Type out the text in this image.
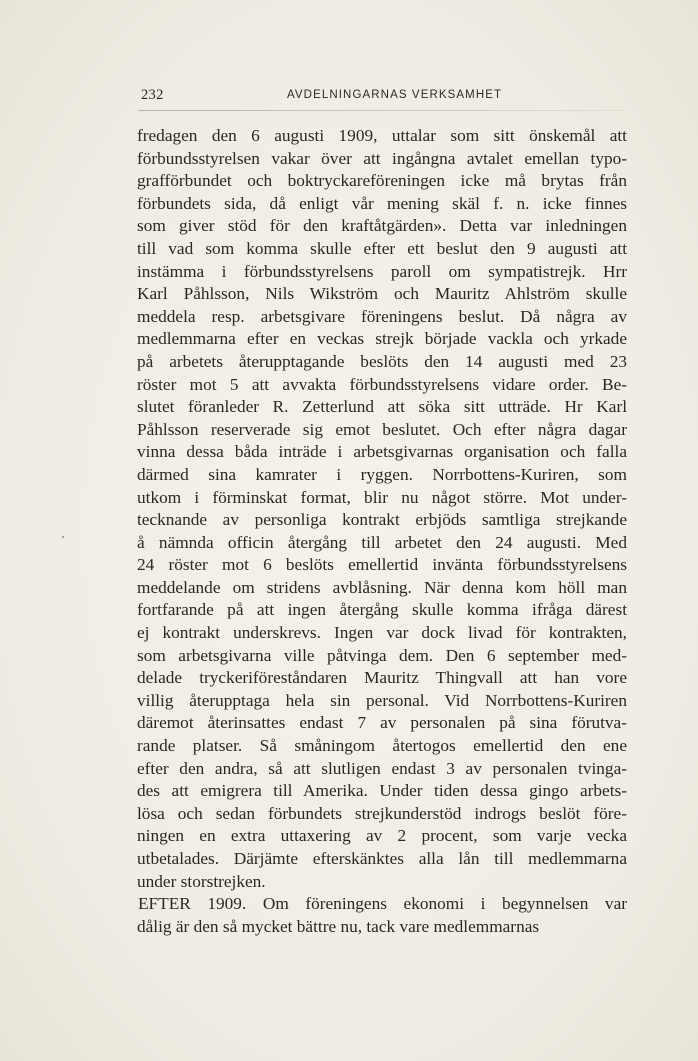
232	AVDELNINGARNAS VERKSAMHET
fredagen den 6 augusti 1909, uttalar som sitt önskemål att
förbundsstyrelsen vakar över att ingångna avtalet emellan typo-
grafförbundet och boktryckareföreningen icke må brytas från
förbundets sida, då enligt vår mening skäl f. n. icke finnes
som giver stöd för den kraftåtgärden». Detta var inledningen
till vad som komma skulle efter ett beslut den 9 augusti att
instämma i förbundsstyrelsens paroll om sympatistrejk. Hrr
Karl Påhlsson, Nils Wikström och Mauritz Ahlström skulle
meddela resp. arbetsgivare föreningens beslut. Då några av
medlemmarna efter en veckas strejk började vackla och yrkade
på arbetets återupptagande beslöts den 14 augusti med 23
röster mot 5 att avvakta förbundsstyrelsens vidare order. Be-
slutet föranleder R. Zetterlund att söka sitt utträde. Hr Karl
Påhlsson reserverade sig emot beslutet. Och efter några dagar
vinna dessa båda inträde i arbetsgivarnas organisation och falla
därmed sina kamrater i ryggen. Norrbottens-Kuriren, som
utkom i förminskat format, blir nu något större. Mot under-
tecknande av personliga kontrakt erbjöds samtliga strejkande
å nämnda officin återgång till arbetet den 24 augusti. Med
24 röster mot 6 beslöts emellertid invänta förbundsstyrelsens
meddelande om stridens avblåsning. När denna kom höll man
fortfarande på att ingen återgång skulle komma ifråga därest
ej kontrakt underskrevs. Ingen var dock livad för kontrakten,
som arbetsgivarna ville påtvinga dem. Den 6 september med-
delade tryckeriföreståndaren Mauritz Thingvall att han vore
villig återupptaga hela sin personal. Vid Norrbottens-Kuriren
däremot återinsattes endast 7 av personalen på sina förutva-
rande platser. Så småningom återtogos emellertid den ene
efter den andra, så att slutligen endast 3 av personalen tvinga-
des att emigrera till Amerika. Under tiden dessa gingo arbets-
lösa och sedan förbundets strejkunderstöd indrogs beslöt före-
ningen en extra uttaxering av 2 procent, som varje vecka
utbetalades. Därjämte efterskänktes alla lån till medlemmarna
under storstrejken.
EFTER 1909. Om föreningens ekonomi i begynnelsen var
dålig är den så mycket bättre nu, tack vare medlemmarnas
